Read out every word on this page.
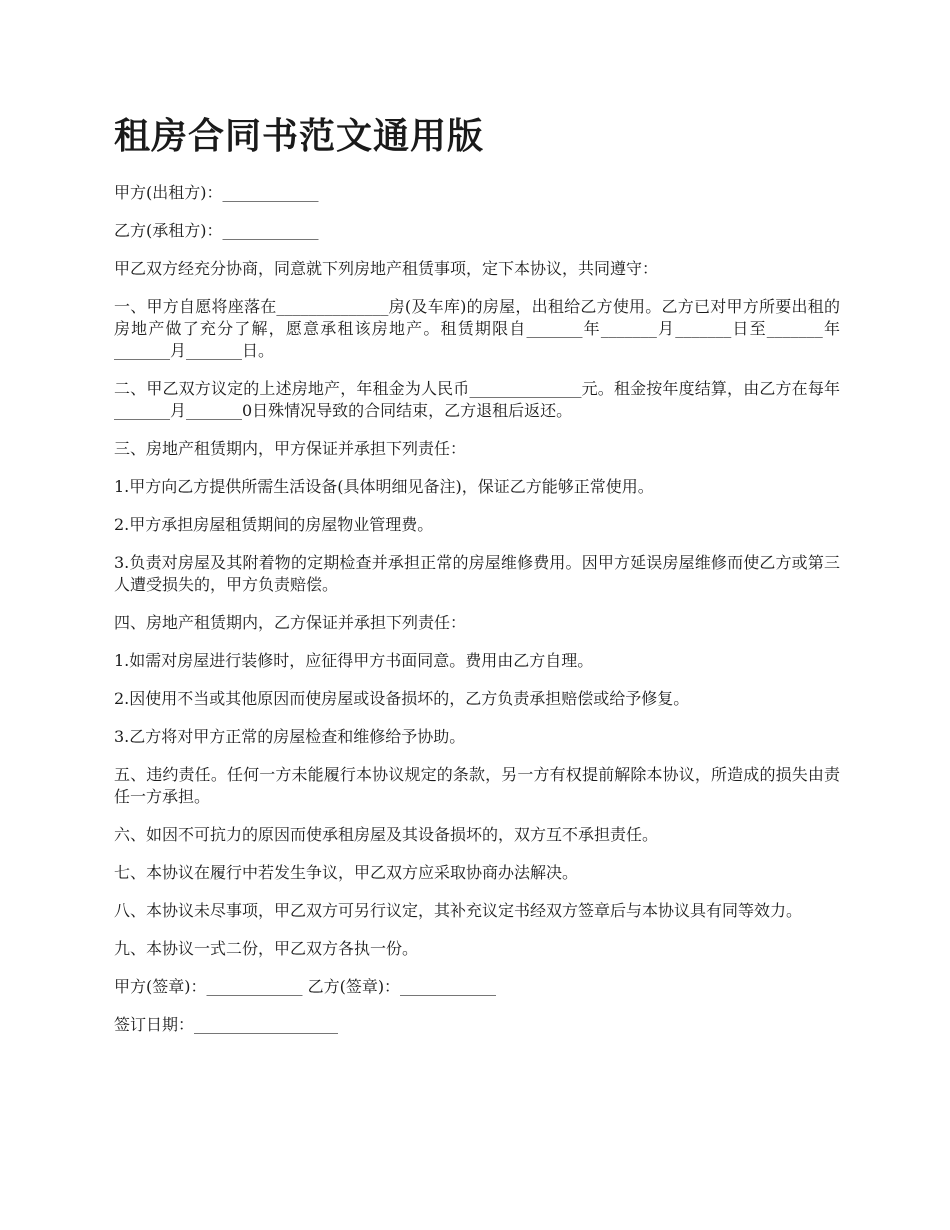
租房合同书范文通用版

甲方(出租方)：____________

乙方(承租方)：____________

甲乙双方经充分协商，同意就下列房地产租赁事项，定下本协议，共同遵守：

一、甲方自愿将座落在______________房(及车库)的房屋，出租给乙方使用。乙方已对甲方所要出租的房地产做了充分了解，愿意承租该房地产。租赁期限自_______年_______月_______日至_______年_______月_______日。

二、甲乙双方议定的上述房地产，年租金为人民币______________元。租金按年度结算，由乙方在每年_______月_______0日殊情况导致的合同结束，乙方退租后返还。

三、房地产租赁期内，甲方保证并承担下列责任：

1.甲方向乙方提供所需生活设备(具体明细见备注)，保证乙方能够正常使用。

2.甲方承担房屋租赁期间的房屋物业管理费。

3.负责对房屋及其附着物的定期检查并承担正常的房屋维修费用。因甲方延误房屋维修而使乙方或第三人遭受损失的，甲方负责赔偿。

四、房地产租赁期内，乙方保证并承担下列责任：

1.如需对房屋进行装修时，应征得甲方书面同意。费用由乙方自理。

2.因使用不当或其他原因而使房屋或设备损坏的，乙方负责承担赔偿或给予修复。

3.乙方将对甲方正常的房屋检查和维修给予协助。

五、违约责任。任何一方未能履行本协议规定的条款，另一方有权提前解除本协议，所造成的损失由责任一方承担。

六、如因不可抗力的原因而使承租房屋及其设备损坏的，双方互不承担责任。

七、本协议在履行中若发生争议，甲乙双方应采取协商办法解决。

八、本协议未尽事项，甲乙双方可另行议定，其补充议定书经双方签章后与本协议具有同等效力。

九、本协议一式二份，甲乙双方各执一份。

甲方(签章)：____________ 乙方(签章)：____________

签订日期：__________________
